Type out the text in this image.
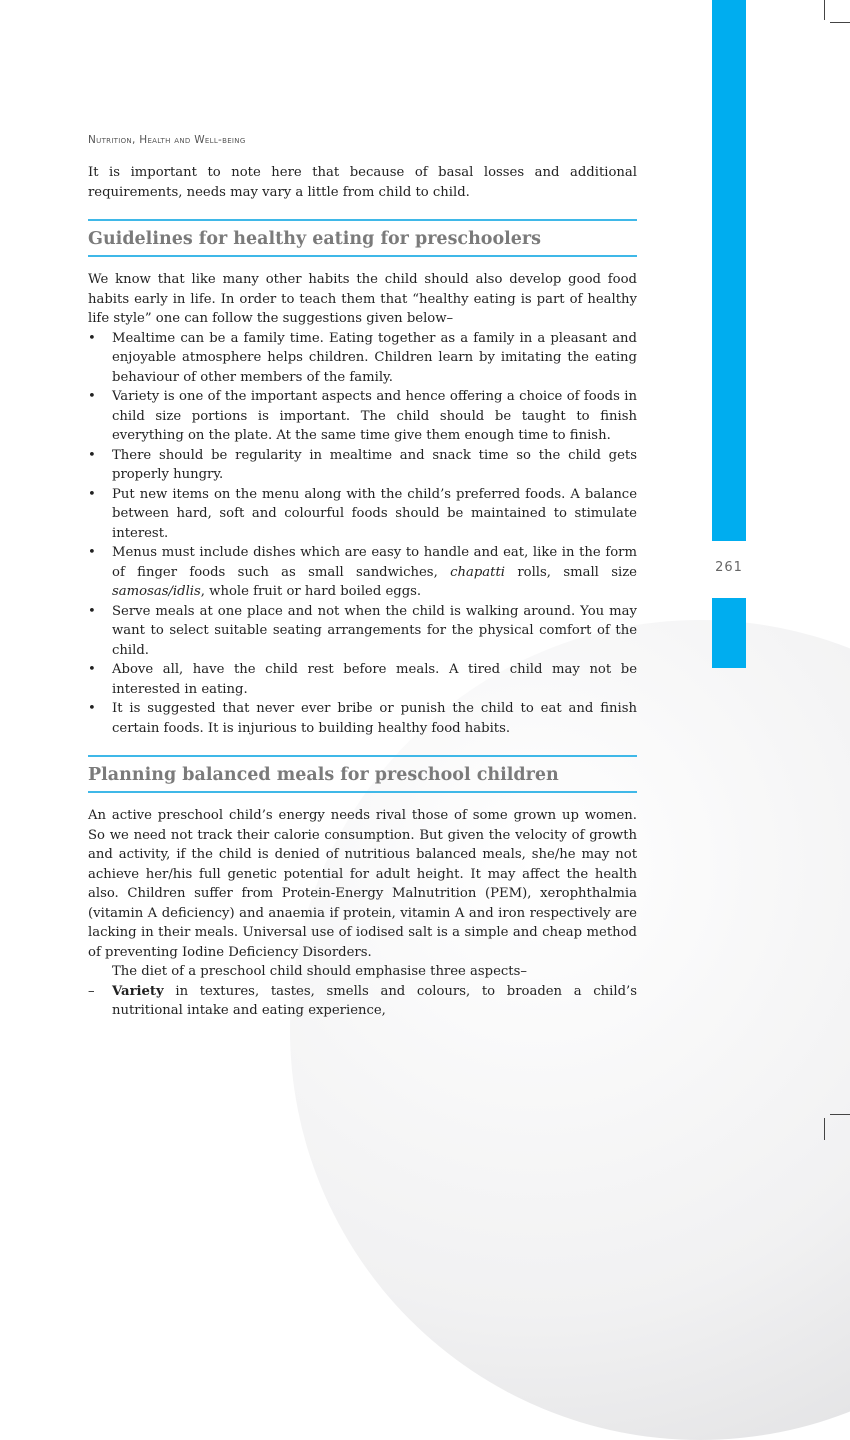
261
Nutrition, Health and Well-being

It is important to note here that because of basal losses and additional requirements, needs may vary a little from child to child.

Guidelines for healthy eating for preschoolers

We know that like many other habits the child should also develop good food habits early in life. In order to teach them that “healthy eating is part of healthy life style” one can follow the suggestions given below–

• Mealtime can be a family time. Eating together as a family in a pleasant and enjoyable atmosphere helps children. Children learn by imitating the eating behaviour of other members of the family.
• Variety is one of the important aspects and hence offering a choice of foods in child size portions is important. The child should be taught to finish everything on the plate. At the same time give them enough time to finish.
• There should be regularity in mealtime and snack time so the child gets properly hungry.
• Put new items on the menu along with the child’s preferred foods. A balance between hard, soft and colourful foods should be maintained to stimulate interest.
• Menus must include dishes which are easy to handle and eat, like in the form of finger foods such as small sandwiches, chapatti rolls, small size samosas/idlis, whole fruit or hard boiled eggs.
• Serve meals at one place and not when the child is walking around. You may want to select suitable seating arrangements for the physical comfort of the child.
• Above all, have the child rest before meals. A tired child may not be interested in eating.
• It is suggested that never ever bribe or punish the child to eat and finish certain foods. It is injurious to building healthy food habits.
Planning balanced meals for preschool children

An active preschool child’s energy needs rival those of some grown up women. So we need not track their calorie consumption. But given the velocity of growth and activity, if the child is denied of nutritious balanced meals, she/he may not achieve her/his full genetic potential for adult height. It may affect the health also. Children suffer from Protein-Energy Malnutrition (PEM), xerophthalmia (vitamin A deficiency) and anaemia if protein, vitamin A and iron respectively are lacking in their meals. Universal use of iodised salt is a simple and cheap method of preventing Iodine Deficiency Disorders.

The diet of a preschool child should emphasise three aspects–

– Variety in textures, tastes, smells and colours, to broaden a child’s nutritional intake and eating experience,
